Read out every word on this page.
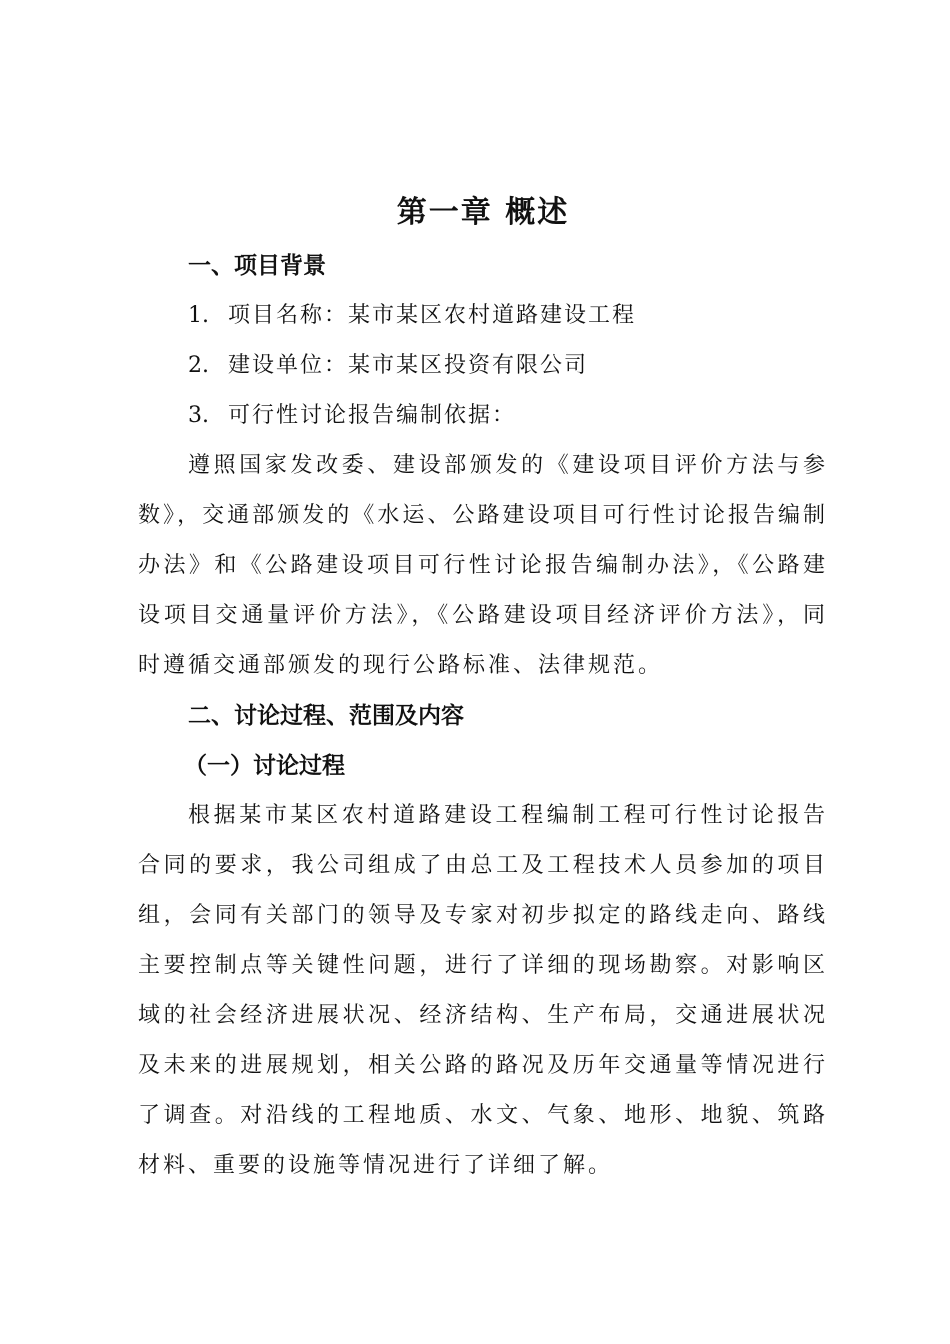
第一章 概述
一、项目背景

1. 项目名称：某市某区农村道路建设工程

2. 建设单位：某市某区投资有限公司

3. 可行性讨论报告编制依据：

遵照国家发改委、建设部颁发的《建设项目评价方法与参数》，交通部颁发的《水运、公路建设项目可行性讨论报告编制办法》和《公路建设项目可行性讨论报告编制办法》，《公路建设项目交通量评价方法》，《公路建设项目经济评价方法》，同时遵循交通部颁发的现行公路标准、法律规范。

二、讨论过程、范围及内容
（一）讨论过程

根据某市某区农村道路建设工程编制工程可行性讨论报告合同的要求，我公司组成了由总工及工程技术人员参加的项目组，会同有关部门的领导及专家对初步拟定的路线走向、路线主要控制点等关键性问题，进行了详细的现场勘察。对影响区域的社会经济进展状况、经济结构、生产布局，交通进展状况及未来的进展规划，相关公路的路况及历年交通量等情况进行了调查。对沿线的工程地质、水文、气象、地形、地貌、筑路材料、重要的设施等情况进行了详细了解。
